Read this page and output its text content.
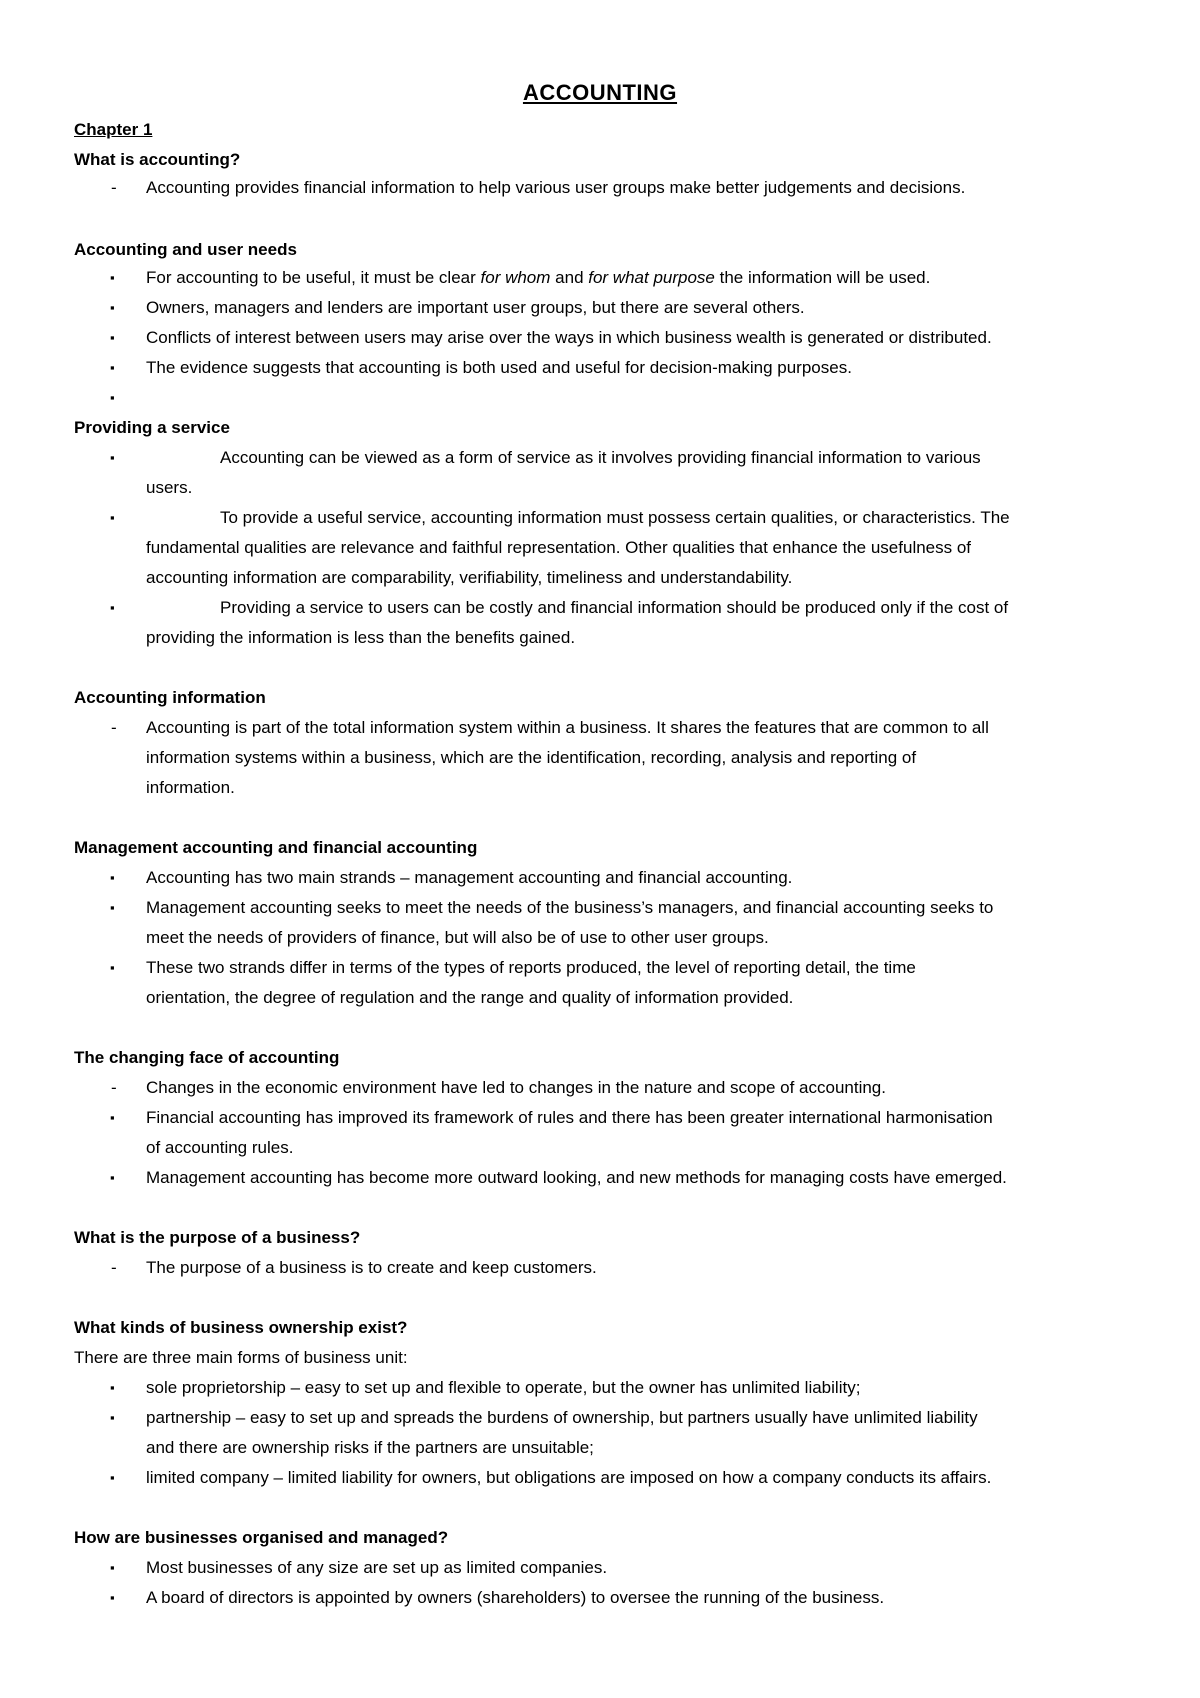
ACCOUNTING
Chapter 1
What is accounting?
- Accounting provides financial information to help various user groups make better judgements and decisions.
Accounting and user needs
▪ For accounting to be useful, it must be clear for whom and for what purpose the information will be used.
▪ Owners, managers and lenders are important user groups, but there are several others.
▪ Conflicts of interest between users may arise over the ways in which business wealth is generated or distributed.
▪ The evidence suggests that accounting is both used and useful for decision-making purposes.
▪
Providing a service
▪	Accounting can be viewed as a form of service as it involves providing financial information to various
users.
▪	To provide a useful service, accounting information must possess certain qualities, or characteristics. The
fundamental qualities are relevance and faithful representation. Other qualities that enhance the usefulness of
accounting information are comparability, verifiability, timeliness and understandability.
▪	Providing a service to users can be costly and financial information should be produced only if the cost of
providing the information is less than the benefits gained.
Accounting information
- Accounting is part of the total information system within a business. It shares the features that are common to all
information systems within a business, which are the identification, recording, analysis and reporting of
information.
Management accounting and financial accounting
▪ Accounting has two main strands – management accounting and financial accounting.
▪ Management accounting seeks to meet the needs of the business’s managers, and financial accounting seeks to
meet the needs of providers of finance, but will also be of use to other user groups.
▪ These two strands differ in terms of the types of reports produced, the level of reporting detail, the time
orientation, the degree of regulation and the range and quality of information provided.
The changing face of accounting
- Changes in the economic environment have led to changes in the nature and scope of accounting.
▪ Financial accounting has improved its framework of rules and there has been greater international harmonisation
of accounting rules.
▪ Management accounting has become more outward looking, and new methods for managing costs have emerged.
What is the purpose of a business?
- The purpose of a business is to create and keep customers.
What kinds of business ownership exist?
There are three main forms of business unit:
▪ sole proprietorship – easy to set up and flexible to operate, but the owner has unlimited liability;
▪ partnership – easy to set up and spreads the burdens of ownership, but partners usually have unlimited liability
and there are ownership risks if the partners are unsuitable;
▪ limited company – limited liability for owners, but obligations are imposed on how a company conducts its affairs.
How are businesses organised and managed?
▪ Most businesses of any size are set up as limited companies.
▪ A board of directors is appointed by owners (shareholders) to oversee the running of the business.
